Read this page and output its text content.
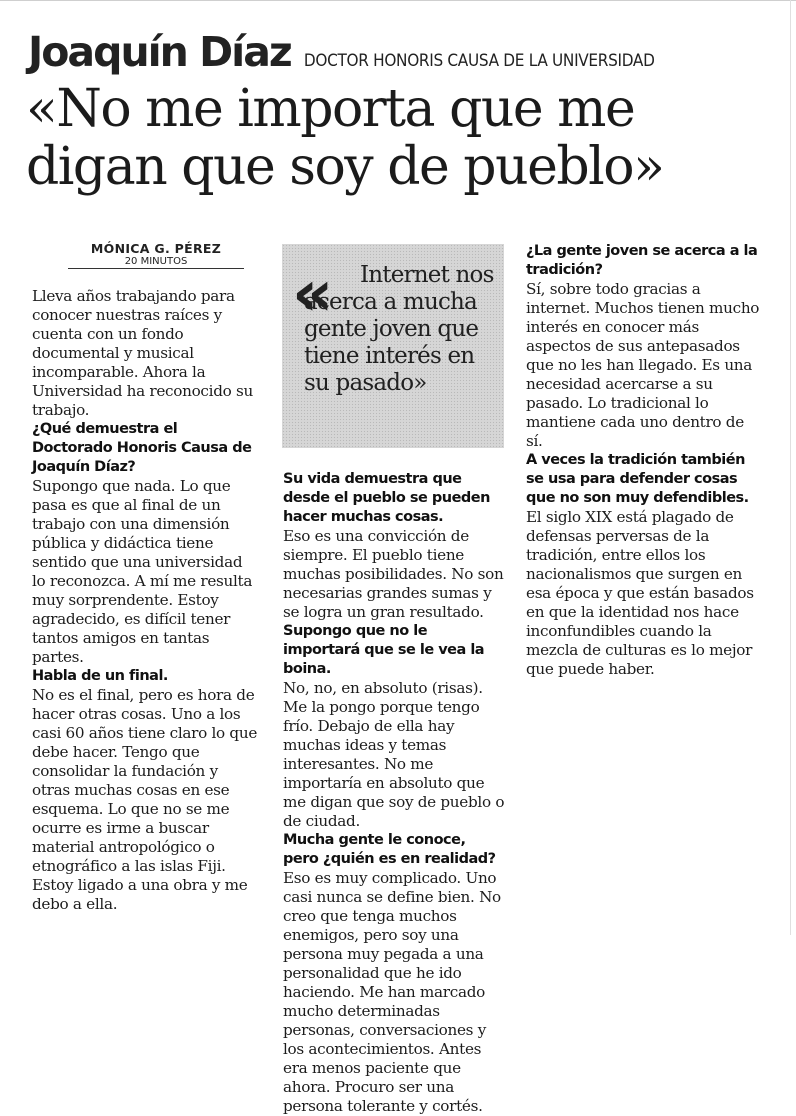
Joaquín Díaz DOCTOR HONORIS CAUSA DE LA UNIVERSIDAD
«No me importa que me digan que soy de pueblo»
MÓNICA G. PÉREZ
20 MINUTOS	«	Internet nos acerca a mucha gente joven que tiene interés en su pasado»

Lleva años trabajando para conocer nuestras raíces y cuenta con un fondo documental y musical incomparable. Ahora la Universidad ha reconocido su trabajo.

¿Qué demuestra el Doctorado Honoris Causa de Joaquín Díaz?

Supongo que nada. Lo que pasa es que al final de un trabajo con una dimensión pública y didáctica tiene sentido que una universidad lo reconozca. A mí me resulta muy sorprendente. Estoy agradecido, es difícil tener tantos amigos en tantas partes.

Habla de un final.

No es el final, pero es hora de hacer otras cosas. Uno a los casi 60 años tiene claro lo que debe hacer. Tengo que consolidar la fundación y otras muchas cosas en ese esquema. Lo que no se me ocurre es irme a buscar material antropológico o etnográfico a las islas Fiji. Estoy ligado a una obra y me debo a ella.

Su vida demuestra que desde el pueblo se pueden hacer muchas cosas.

Eso es una convicción de siempre. El pueblo tiene muchas posibilidades. No son necesarias grandes sumas y se logra un gran resultado.

Supongo que no le importará que se le vea la boina.

No, no, en absoluto (risas). Me la pongo porque tengo frío. Debajo de ella hay muchas ideas y temas interesantes. No me importaría en absoluto que me digan que soy de pueblo o de ciudad.

Mucha gente le conoce, pero ¿quién es en realidad?

Eso es muy complicado. Uno casi nunca se define bien. No creo que tenga muchos enemigos, pero soy una persona muy pegada a una personalidad que he ido haciendo. Me han marcado mucho determinadas personas, conversaciones y los acontecimientos. Antes era menos paciente que ahora. Procuro ser una persona tolerante y cortés.

¿La gente joven se acerca a la tradición?

Sí, sobre todo gracias a internet. Muchos tienen mucho interés en conocer más aspectos de sus antepasados que no les han llegado. Es una necesidad acercarse a su pasado. Lo tradicional lo mantiene cada uno dentro de sí.

A veces la tradición también se usa para defender cosas que no son muy defendibles.

El siglo XIX está plagado de defensas perversas de la tradición, entre ellos los nacionalismos que surgen en esa época y que están basados en que la identidad nos hace inconfundibles cuando la mezcla de culturas es lo mejor que puede haber.
